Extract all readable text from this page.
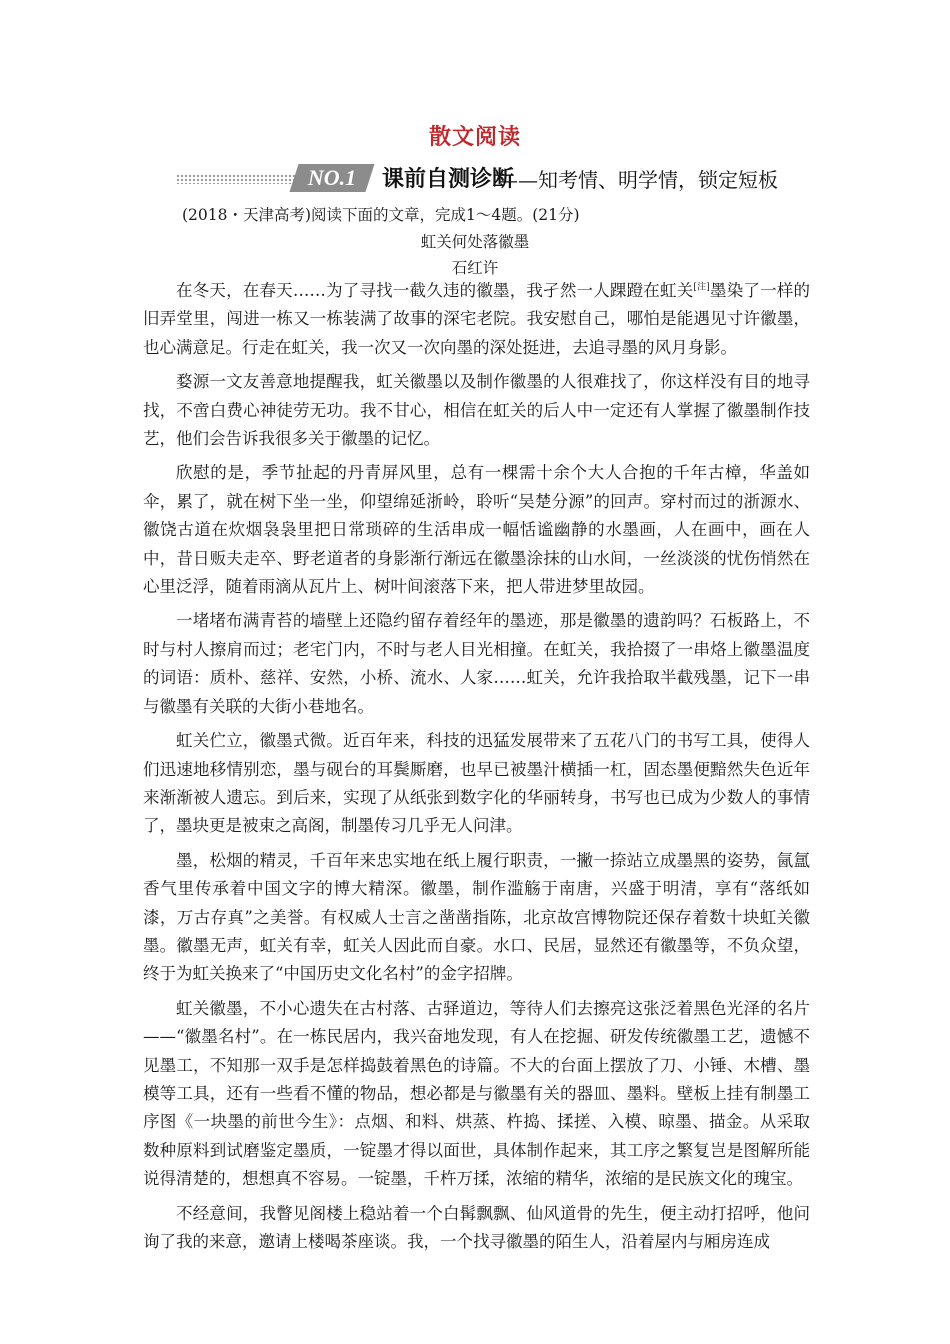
散文阅读
NO.1	课前自测诊断
——知考情、明学情，锁定短板
(2018・天津高考)阅读下面的文章，完成1～4题。(21分)
虹关何处落徽墨
石红许

在冬天，在春天……为了寻找一截久违的徽墨，我孑然一人踝蹬在虹关[注]墨染了一样的旧弄堂里，闯进一栋又一栋装满了故事的深宅老院。我安慰自己，哪怕是能遇见寸许徽墨，也心满意足。行走在虹关，我一次又一次向墨的深处挺进，去追寻墨的风月身影。

婺源一文友善意地提醒我，虹关徽墨以及制作徽墨的人很难找了，你这样没有目的地寻找，不啻白费心神徒劳无功。我不甘心，相信在虹关的后人中一定还有人掌握了徽墨制作技艺，他们会告诉我很多关于徽墨的记忆。

欣慰的是，季节扯起的丹青屏风里，总有一棵需十余个大人合抱的千年古樟，华盖如伞，累了，就在树下坐一坐，仰望绵延浙岭，聆听“吴楚分源”的回声。穿村而过的浙源水、徽饶古道在炊烟袅袅里把日常琐碎的生活串成一幅恬谧幽静的水墨画，人在画中，画在人中，昔日贩夫走卒、野老道者的身影渐行渐远在徽墨涂抹的山水间，一丝淡淡的忧伤悄然在心里泛浮，随着雨滴从瓦片上、树叶间滚落下来，把人带进梦里故园。

一堵堵布满青苔的墙壁上还隐约留存着经年的墨迹，那是徽墨的遗韵吗？石板路上，不时与村人擦肩而过；老宅门内，不时与老人目光相撞。在虹关，我拾掇了一串烙上徽墨温度的词语：质朴、慈祥、安然，小桥、流水、人家……虹关，允许我拾取半截残墨，记下一串与徽墨有关联的大街小巷地名。

虹关伫立，徽墨式微。近百年来，科技的迅猛发展带来了五花八门的书写工具，使得人们迅速地移情别恋，墨与砚台的耳鬓厮磨，也早已被墨汁横插一杠，固态墨便黯然失色近年来渐渐被人遗忘。到后来，实现了从纸张到数字化的华丽转身，书写也已成为少数人的事情了，墨块更是被束之高阁，制墨传习几乎无人问津。

墨，松烟的精灵，千百年来忠实地在纸上履行职责，一撇一捺站立成墨黑的姿势，氤氲香气里传承着中国文字的博大精深。徽墨，制作滥觞于南唐，兴盛于明清，享有“落纸如漆，万古存真”之美誉。有权威人士言之凿凿指陈，北京故宫博物院还保存着数十块虹关徽墨。徽墨无声，虹关有幸，虹关人因此而自豪。水口、民居，显然还有徽墨等，不负众望，终于为虹关换来了“中国历史文化名村”的金字招牌。

虹关徽墨，不小心遗失在古村落、古驿道边，等待人们去擦亮这张泛着黑色光泽的名片——“徽墨名村”。在一栋民居内，我兴奋地发现，有人在挖掘、研发传统徽墨工艺，遗憾不见墨工，不知那一双手是怎样捣鼓着黑色的诗篇。不大的台面上摆放了刀、小锤、木槽、墨模等工具，还有一些看不懂的物品，想必都是与徽墨有关的器皿、墨料。壁板上挂有制墨工序图《一块墨的前世今生》：点烟、和料、烘蒸、杵捣、揉搓、入模、晾墨、描金。从采取数种原料到试磨鉴定墨质，一锭墨才得以面世，具体制作起来，其工序之繁复岂是图解所能说得清楚的，想想真不容易。一锭墨，千杵万揉，浓缩的精华，浓缩的是民族文化的瑰宝。

不经意间，我瞥见阁楼上稳站着一个白髯飘飘、仙风道骨的先生，便主动打招呼，他问询了我的来意，邀请上楼喝茶座谈。我，一个找寻徽墨的陌生人，沿着屋内与厢房连成
